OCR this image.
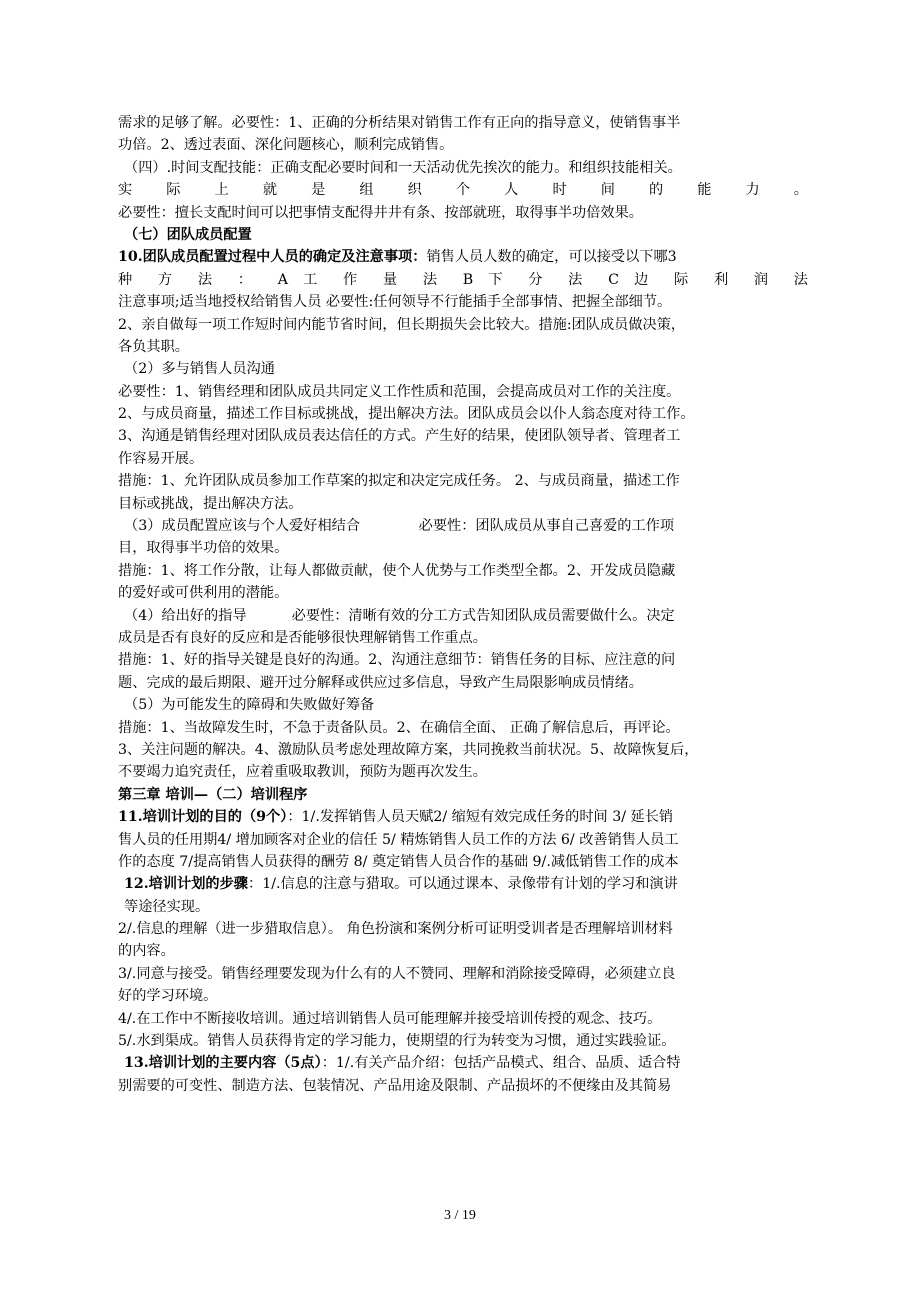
需求的足够了解。必要性：1、正确的分析结果对销售工作有正向的指导意义，使销售事半
功倍。2、透过表面、深化问题核心，顺利完成销售。
（四）.时间支配技能：正确支配必要时间和一天活动优先挨次的能力。和组织技能相关。
实 际 上 就 是 组 织 个 人 时 间 的 能 力 。
必要性：擅长支配时间可以把事情支配得井井有条、按部就班，取得事半功倍效果。
（七）团队成员配置
10.团队成员配置过程中人员的确定及注意事项：销售人员人数的确定，可以接受以下哪3
种 方 法 ： A 工 作 量 法 B 下 分 法 C 边 际 利 润 法
注意事项;适当地授权给销售人员 必要性:任何领导不行能插手全部事情、把握全部细节。
2、亲自做每一项工作短时间内能节省时间，但长期损失会比较大。措施:团队成员做决策，
各负其职。
（2）多与销售人员沟通
必要性：1、销售经理和团队成员共同定义工作性质和范围，会提高成员对工作的关注度。
2、与成员商量，描述工作目标或挑战，提出解决方法。团队成员会以仆人翁态度对待工作。
3、沟通是销售经理对团队成员表达信任的方式。产生好的结果，使团队领导者、管理者工
作容易开展。
措施：1、允许团队成员参加工作草案的拟定和决定完成任务。 2、与成员商量，描述工作
目标或挑战，提出解决方法。
（3）成员配置应该与个人爱好相结合             必要性：团队成员从事自己喜爱的工作项
目，取得事半功倍的效果。
措施：1、将工作分散，让每人都做贡献，使个人优势与工作类型全都。2、开发成员隐藏
的爱好或可供利用的潜能。
（4）给出好的指导          必要性：清晰有效的分工方式告知团队成员需要做什么。决定
成员是否有良好的反应和是否能够很快理解销售工作重点。
措施：1、好的指导关键是良好的沟通。2、沟通注意细节：销售任务的目标、应注意的问
题、完成的最后期限、避开过分解释或供应过多信息，导致产生局限影响成员情绪。
（5）为可能发生的障碍和失败做好筹备
措施：1、当故障发生时，不急于责备队员。2、在确信全面、 正确了解信息后，再评论。
3、关注问题的解决。4、激励队员考虑处理故障方案，共同挽救当前状况。5、故障恢复后，
不要竭力追究责任，应着重吸取教训，预防为题再次发生。
第三章 培训—（二）培训程序
11.培训计划的目的（9个）：1/.发挥销售人员天赋2/ 缩短有效完成任务的时间 3/ 延长销
售人员的任用期4/ 增加顾客对企业的信任 5/ 精炼销售人员工作的方法 6/ 改善销售人员工
作的态度 7/提高销售人员获得的酬劳 8/ 奠定销售人员合作的基础 9/.减低销售工作的成本
12.培训计划的步骤：1/.信息的注意与猎取。可以通过课本、录像带有计划的学习和演讲
等途径实现。
2/.信息的理解（进一步猎取信息）。 角色扮演和案例分析可证明受训者是否理解培训材料
的内容。
3/.同意与接受。销售经理要发现为什么有的人不赞同、理解和消除接受障碍，必须建立良
好的学习环境。
4/.在工作中不断接收培训。通过培训销售人员可能理解并接受培训传授的观念、技巧。
5/.水到渠成。销售人员获得肯定的学习能力，使期望的行为转变为习惯，通过实践验证。
13.培训计划的主要内容（5点）：1/.有关产品介绍：包括产品模式、组合、品质、适合特
别需要的可变性、制造方法、包装情况、产品用途及限制、产品损坏的不便缘由及其简易
3 / 19
